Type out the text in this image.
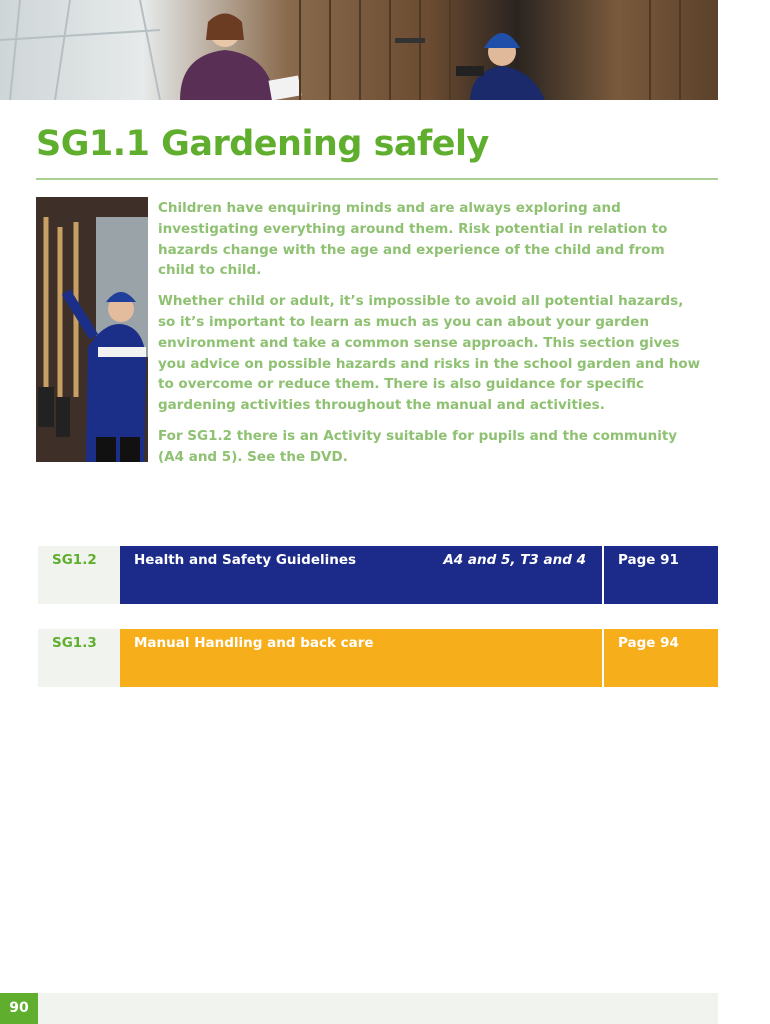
SG1.1 Gardening safely

Children have enquiring minds and are always exploring and investigating everything around them. Risk potential in relation to hazards change with the age and experience of the child and from child to child.

Whether child or adult, it’s impossible to avoid all potential hazards, so it’s important to learn as much as you can about your garden environment and take a common sense approach. This section gives you advice on possible hazards and risks in the school garden and how to overcome or reduce them. There is also guidance for specific gardening activities throughout the manual and activities.

For SG1.2 there is an Activity suitable for pupils and the community (A4 and 5). See the DVD.

SG1.2	Health and Safety Guidelines	A4 and 5, T3 and 4 Page 91
SG1.3	Manual Handling and back care	Page 94
90
